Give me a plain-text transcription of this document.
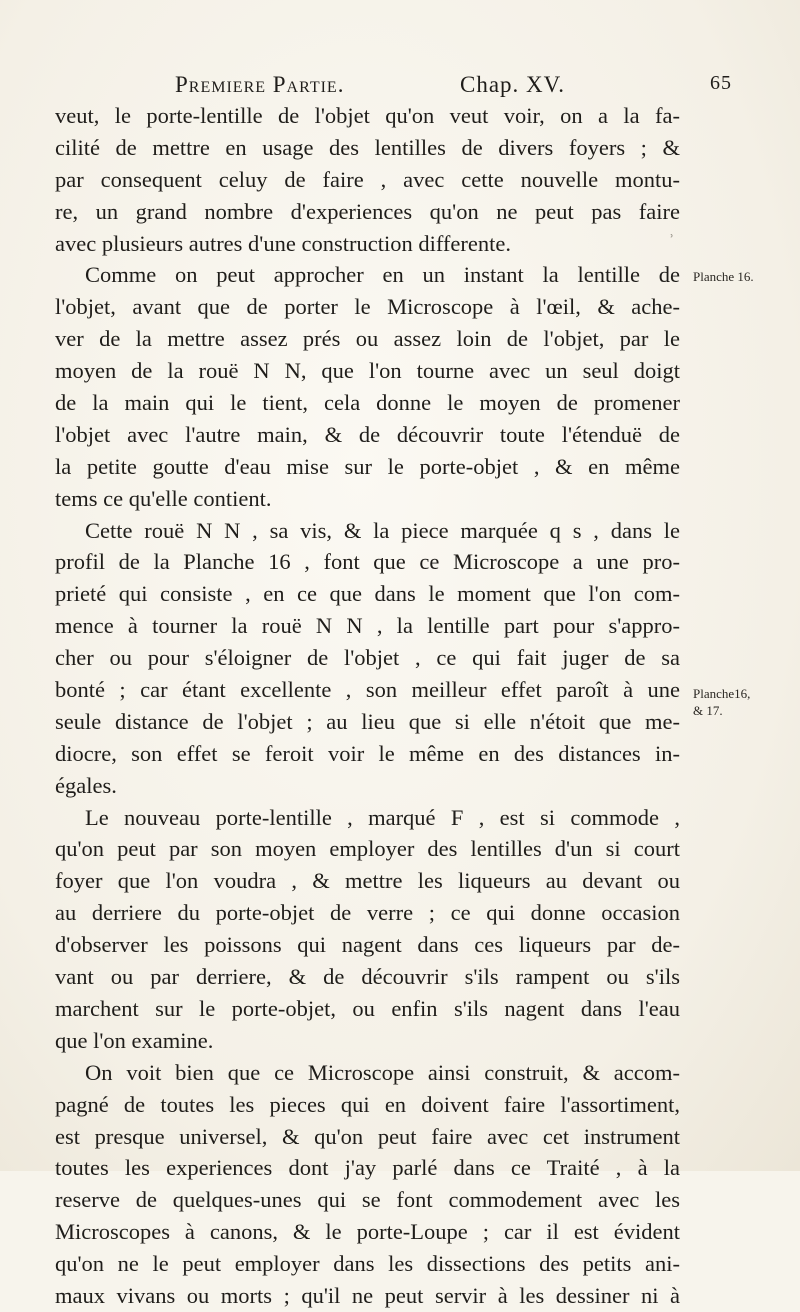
Premiere Partie.	Chap. XV.	65
veut, le porte-lentille de l'objet qu'on veut voir, on a la fa-
cilité de mettre en usage des lentilles de divers foyers ; &
par consequent celuy de faire , avec cette nouvelle montu-
re, un grand nombre d'experiences qu'on ne peut pas faire
avec plusieurs autres d'une construction differente.
Comme on peut approcher en un instant la lentille de
l'objet, avant que de porter le Microscope à l'œil, & ache-
ver de la mettre assez prés ou assez loin de l'objet, par le
moyen de la rouë N N, que l'on tourne avec un seul doigt
de la main qui le tient, cela donne le moyen de promener
l'objet avec l'autre main, & de découvrir toute l'étenduë de
la petite goutte d'eau mise sur le porte-objet , & en même
tems ce qu'elle contient.
Cette rouë N N , sa vis, & la piece marquée q s , dans le
profil de la Planche 16 , font que ce Microscope a une pro-
prieté qui consiste , en ce que dans le moment que l'on com-
mence à tourner la rouë N N , la lentille part pour s'appro-
cher ou pour s'éloigner de l'objet , ce qui fait juger de sa
bonté ; car étant excellente , son meilleur effet paroît à une
seule distance de l'objet ; au lieu que si elle n'étoit que me-
diocre, son effet se feroit voir le même en des distances in-
égales.
Le nouveau porte-lentille , marqué F , est si commode ,
qu'on peut par son moyen employer des lentilles d'un si court
foyer que l'on voudra , & mettre les liqueurs au devant ou
au derriere du porte-objet de verre ; ce qui donne occasion
d'observer les poissons qui nagent dans ces liqueurs par de-
vant ou par derriere, & de découvrir s'ils rampent ou s'ils
marchent sur le porte-objet, ou enfin s'ils nagent dans l'eau
que l'on examine.
On voit bien que ce Microscope ainsi construit, & accom-
pagné de toutes les pieces qui en doivent faire l'assortiment,
est presque universel, & qu'on peut faire avec cet instrument
toutes les experiences dont j'ay parlé dans ce Traité , à la
reserve de quelques-unes qui se font commodement avec les
Microscopes à canons, & le porte-Loupe ; car il est évident
qu'on ne le peut employer dans les dissections des petits ani-
maux vivans ou morts ; qu'il ne peut servir à les dessiner ni à
Planche 16.
Planche16,
& 17.
˒
